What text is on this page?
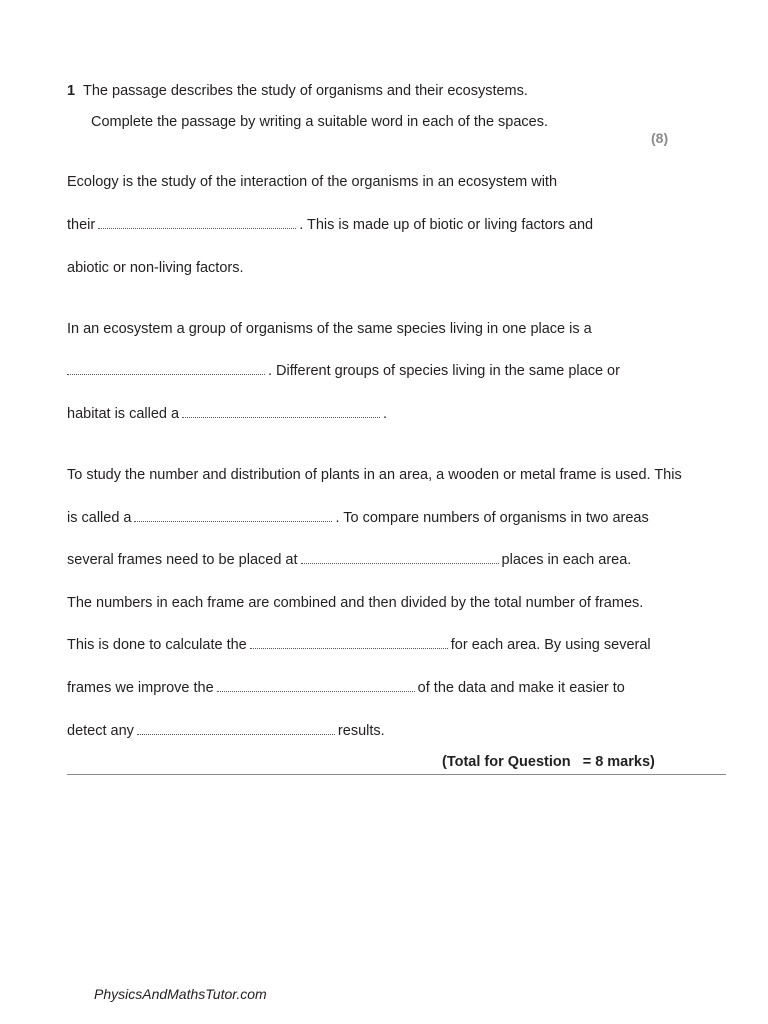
1 The passage describes the study of organisms and their ecosystems.
Complete the passage by writing a suitable word in each of the spaces.
(8)
Ecology is the study of the interaction of the organisms in an ecosystem with
their	. This is made up of biotic or living factors and
abiotic or non-living factors.
In an ecosystem a group of organisms of the same species living in one place is a
. Different groups of species living in the same place or
habitat is called a	.
To study the number and distribution of plants in an area, a wooden or metal frame is used. This
is called a	. To compare numbers of organisms in two areas
several frames need to be placed at	places in each area.
The numbers in each frame are combined and then divided by the total number of frames.
This is done to calculate the	for each area. By using several
frames we improve the	of the data and make it easier to
detect any	results.
(Total for Question   = 8 marks)
PhysicsAndMathsTutor.com
